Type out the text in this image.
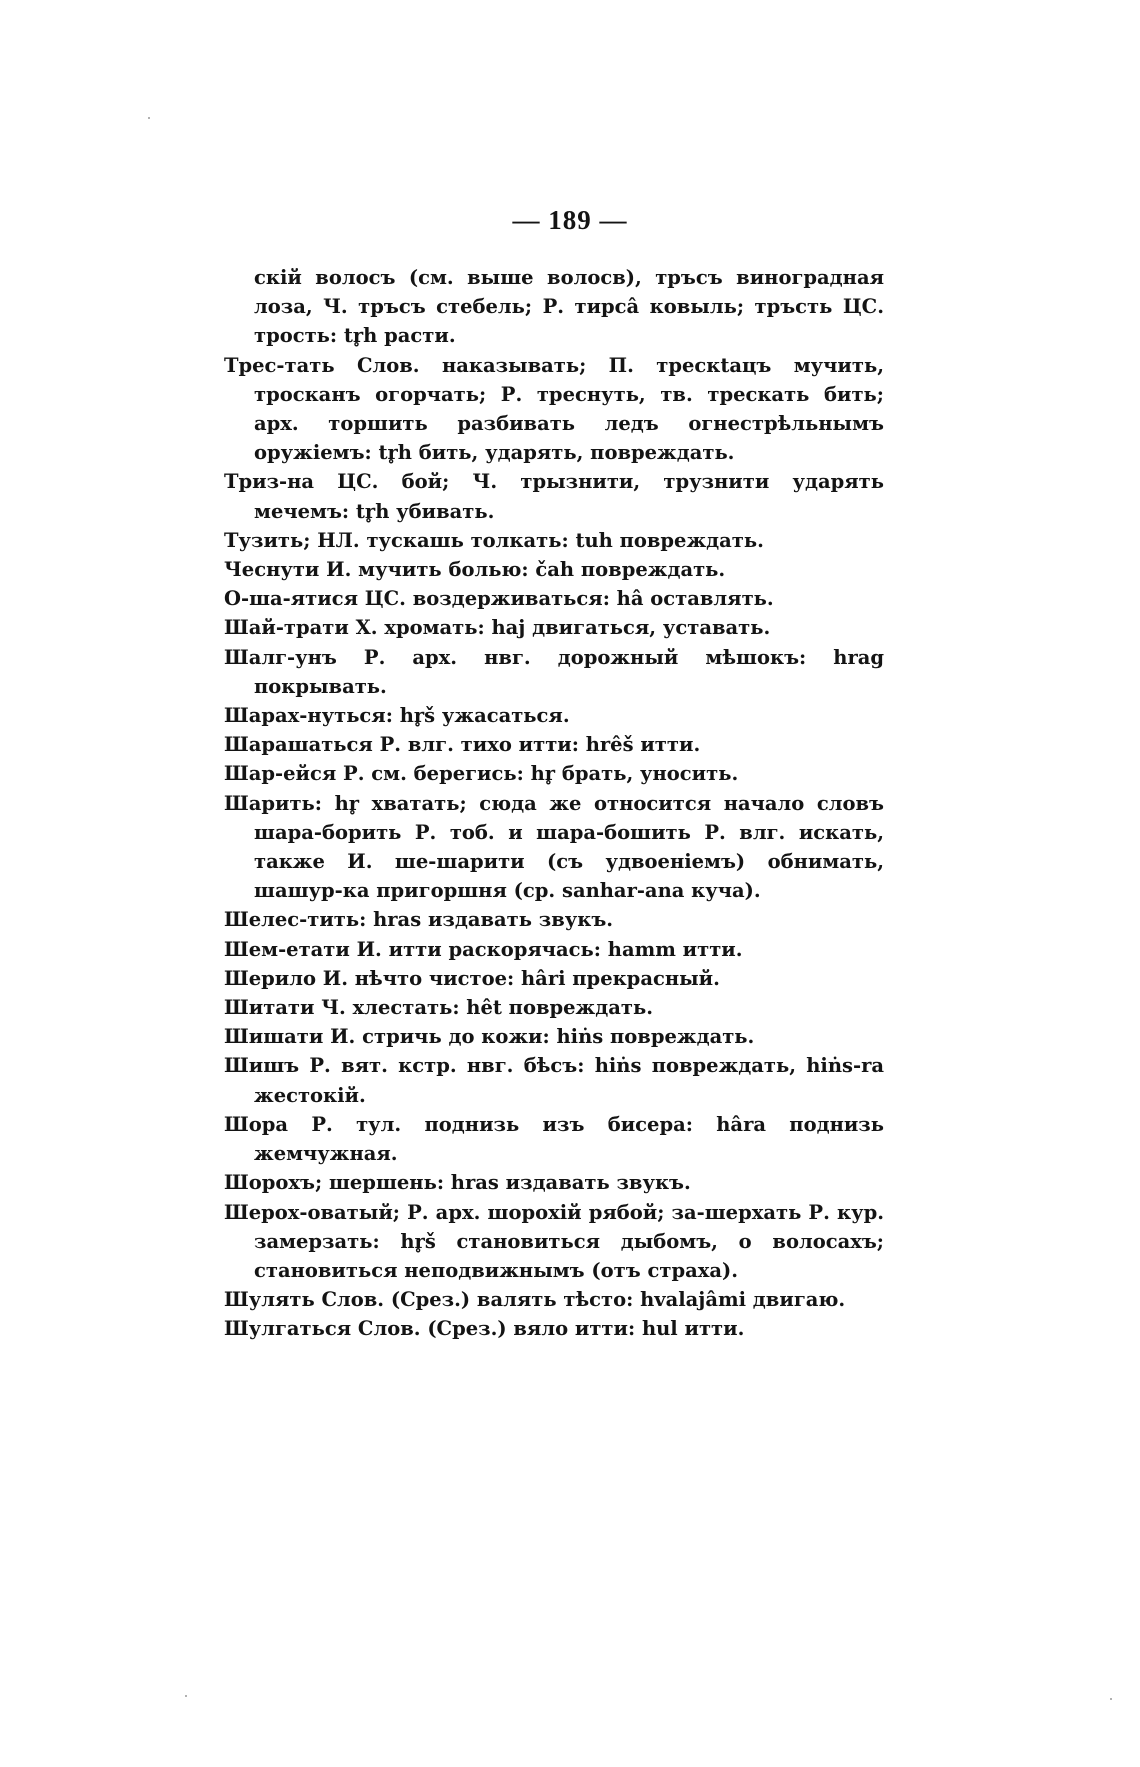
— 189 —

скій волосъ (см. выше волосв), тръсъ виноградная лоза, Ч. тръсъ стебель; Р. тирсâ ковыль; тръсть ЦС. трость: tr̥h расти.

Трес-тать Слов. наказывать; П. трескtацъ мучить, тросканъ огорчать; Р. треснуть, тв. трескать бить; арх. торшить разбивать ледъ огнестрѣльнымъ оружіемъ: tr̥h бить, ударять, повреждать.

Триз-на ЦС. бой; Ч. трызнити, трузнити ударять мечемъ: tr̥h убивать.

Тузить; НЛ. тускашь толкать: tuh повреждать.

Чеснути И. мучить болью: čah повреждать.

О-ша-ятися ЦС. воздерживаться: hâ оставлять.

Шай-трати Х. хромать: haj двигаться, уставать.

Шалг-унъ Р. арх. нвг. дорожный мѣшокъ: hrag покрывать.

Шарах-нуться: hr̥š ужасаться.

Шарашаться Р. влг. тихо итти: hrêš итти.

Шар-ейся Р. см. берегись: hr̥ брать, уносить.

Шарить: hr̥ хватать; сюда же относится начало словъ шара-борить Р. тоб. и шара-бошить Р. влг. искать, также И. ше-шарити (съ удвоеніемъ) обнимать, шашур-ка пригоршня (ср. sanhar-ana куча).

Шелес-тить: hras издавать звукъ.

Шем-етати И. итти раскорячась: hamm итти.

Шерило И. нѣчто чистое: hâri прекрасный.

Шитати Ч. хлестать: hêt повреждать.

Шишати И. стричь до кожи: hiṅs повреждать.

Шишъ Р. вят. кстр. нвг. бѣсъ: hiṅs повреждать, hiṅs-ra жестокій.

Шора Р. тул. поднизь изъ бисера: hâra поднизь жемчужная.

Шорохъ; шершень: hras издавать звукъ.

Шерох-оватый; Р. арх. шорохій рябой; за-шерхать Р. кур. замерзать: hr̥š становиться дыбомъ, о волосахъ; становиться неподвижнымъ (отъ страха).

Шулять Слов. (Срез.) валять тѣсто: hvalajâmi двигаю.

Шулгаться Слов. (Срез.) вяло итти: hul итти.
